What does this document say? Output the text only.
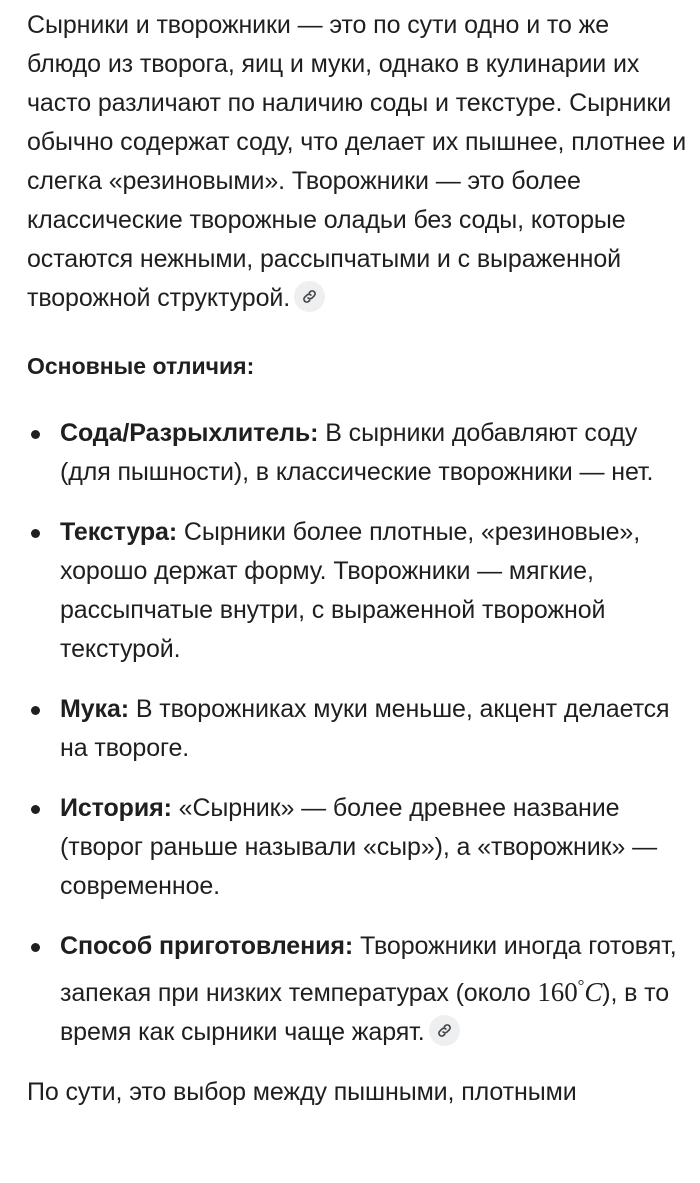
Сырники и творожники — это по сути одно и то же блюдо из творога, яиц и муки, однако в кулинарии их часто различают по наличию соды и текстуре. Сырники обычно содержат соду, что делает их пышнее, плотнее и слегка «резиновыми». Творожники — это более классические творожные оладьи без соды, которые остаются нежными, рассыпчатыми и с выраженной творожной структурой.

Основные отличия:

Сода/Разрыхлитель: В сырники добавляют соду (для пышности), в классические творожники — нет.
Текстура: Сырники более плотные, «резиновые», хорошо держат форму. Творожники — мягкие, рассыпчатые внутри, с выраженной творожной текстурой.
Мука: В творожниках муки меньше, акцент делается на твороге.
История: «Сырник» — более древнее название (творог раньше называли «сыр»), а «творожник» — современное.
Способ приготовления: Творожники иногда готовят, запекая при низких температурах (около 160°C), в то время как сырники чаще жарят.

По сути, это выбор между пышными, плотными
